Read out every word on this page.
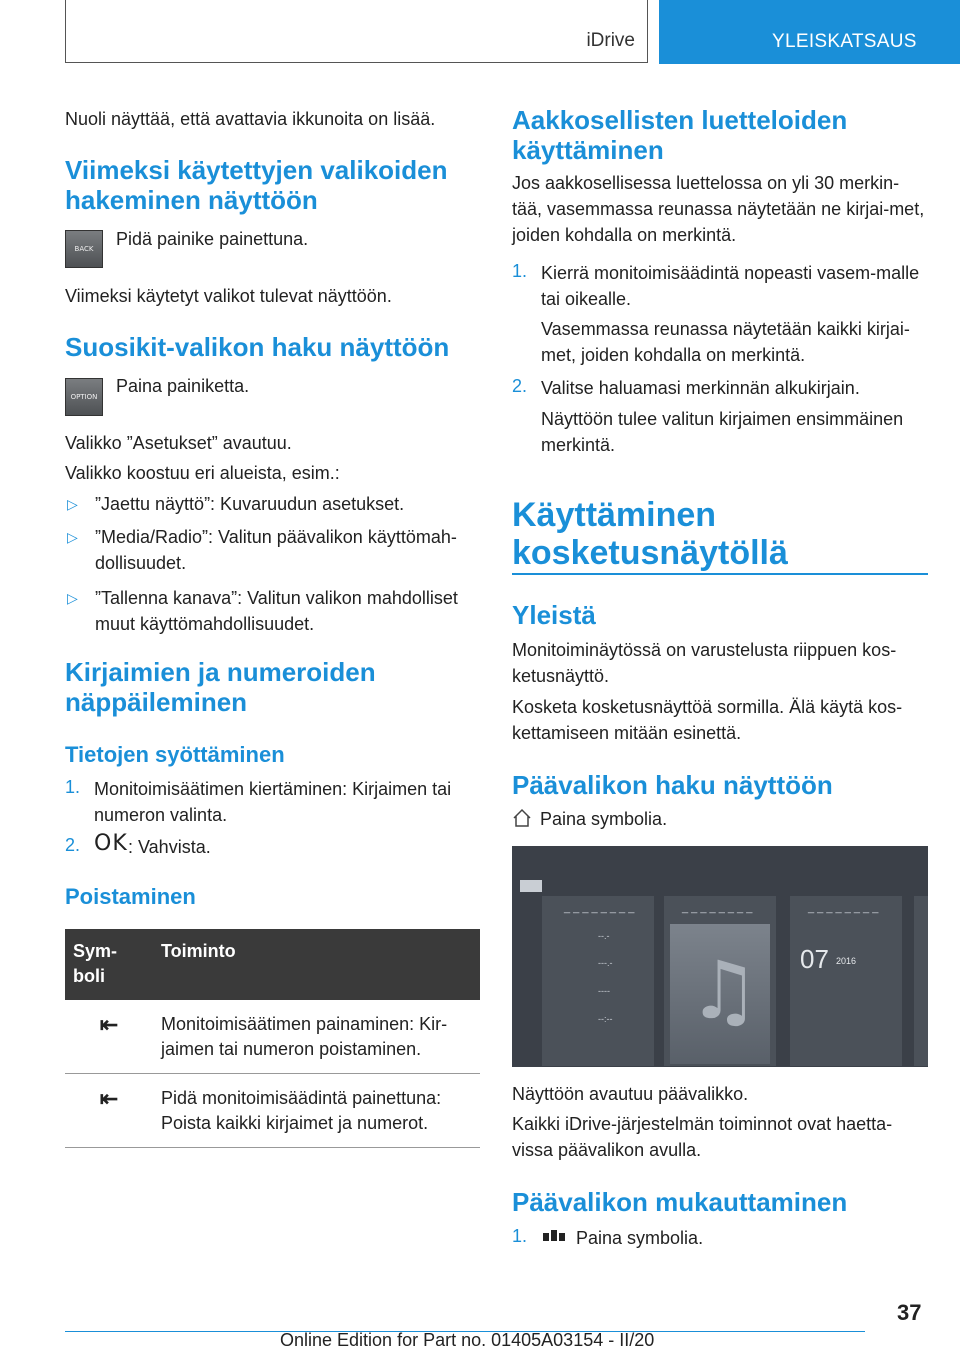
iDrive	YLEISKATSAUS

Nuoli näyttää, että avattavia ikkunoita on lisää.

Viimeksi käytettyjen valikoiden hakeminen näyttöön
BACK Pidä painike painettuna.

Viimeksi käytetyt valikot tulevat näyttöön.

Suosikit-valikon haku näyttöön
OPTION

Paina painiketta.

Valikko ”Asetukset” avautuu.

Valikko koostuu eri alueista, esim.:

▷ ”Jaettu näyttö”: Kuvaruudun asetukset.

▷ ”Media/Radio”: Valitun päävalikon käyttömah-dollisuudet.

▷ ”Tallenna kanava”: Valitun valikon mahdolliset muut käyttömahdollisuudet.

Kirjaimien ja numeroiden näppäileminen
Tietojen syöttäminen
1. Monitoimisäätimen kiertäminen: Kirjaimen tai numeron valinta.

2. OK : Vahvista.

Poistaminen
Sym-boli	Toiminto
⇤	Monitoimisäätimen painaminen: Kir-jaimen tai numeron poistaminen.
⇤	Pidä monitoimisäädintä painettuna: Poista kaikki kirjaimet ja numerot.
Aakkosellisten luetteloiden käyttäminen

Jos aakkosellisessa luettelossa on yli 30 merkin-tää, vasemmassa reunassa näytetään ne kirjai-met, joiden kohdalla on merkintä.

1. Kierrä monitoimisäädintä nopeasti vasem-malle tai oikealle.

Vasemmassa reunassa näytetään kaikki kirjai-met, joiden kohdalla on merkintä.

2. Valitse haluamasi merkinnän alkukirjain.

Näyttöön tulee valitun kirjaimen ensimmäinen merkintä.

Käyttäminen kosketusnäytöllä
Yleistä

Monitoiminäytössä on varustelusta riippuen kos-ketusnäyttö.

Kosketa kosketusnäyttöä sormilla. Älä käytä kos-kettamiseen mitään esinettä.

Päävalikon haku näyttöön

Paina symbolia.

_ _ _ _ _ _ _ _
--.-
---.-
----
--:--
_ _ _ _ _ _ _ _
♫
_ _ _ _ _ _ _ _
07 2016

Näyttöön avautuu päävalikko.

Kaikki iDrive-järjestelmän toiminnot ovat haetta-vissa päävalikon avulla.

Päävalikon mukauttaminen
1.	Paina symbolia.

37
Online Edition for Part no. 01405A03154 - II/20
